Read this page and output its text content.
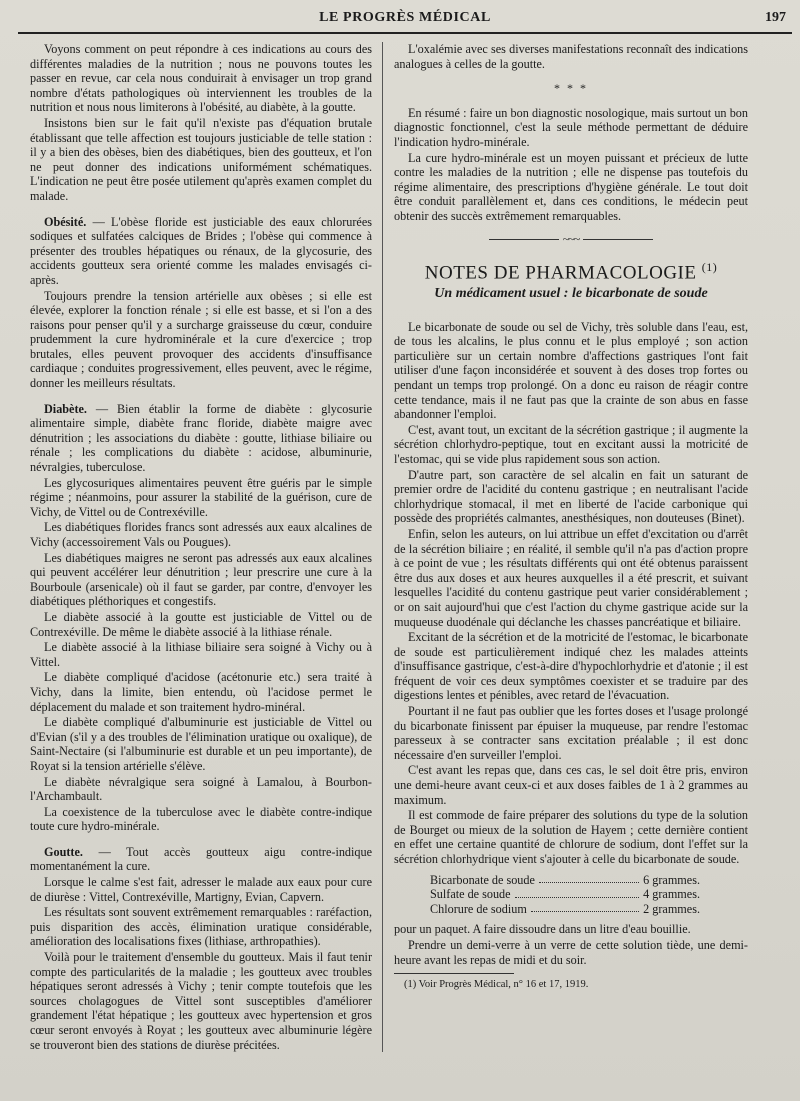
LE PROGRÈS MÉDICAL	197

Voyons comment on peut répondre à ces indications au cours des différentes maladies de la nutrition ; nous ne pouvons toutes les passer en revue, car cela nous conduirait à envisager un trop grand nombre d'états pathologiques où interviennent les troubles de la nutrition et nous nous limiterons à l'obésité, au diabète, à la goutte.

Insistons bien sur le fait qu'il n'existe pas d'équation brutale établissant que telle affection est toujours justiciable de telle station : il y a bien des obèses, bien des diabétiques, bien des goutteux, et l'on ne peut donner des indications uniformément schématiques. L'indication ne peut être posée utilement qu'après examen complet du malade.

Obésité. — L'obèse floride est justiciable des eaux chlorurées sodiques et sulfatées calciques de Brides ; l'obèse qui commence à présenter des troubles hépatiques ou rénaux, de la glycosurie, des accidents goutteux sera orienté comme les malades envisagés ci-après.

Toujours prendre la tension artérielle aux obèses ; si elle est élevée, explorer la fonction rénale ; si elle est basse, et si l'on a des raisons pour penser qu'il y a surcharge graisseuse du cœur, conduire prudemment la cure hydrominérale et la cure d'exercice ; trop brutales, elles peuvent provoquer des accidents d'insuffisance cardiaque ; conduites progressivement, elles peuvent, avec le régime, donner les meilleurs résultats.

Diabète. — Bien établir la forme de diabète : glycosurie alimentaire simple, diabète franc floride, diabète maigre avec dénutrition ; les associations du diabète : goutte, lithiase biliaire ou rénale ; les complications du diabète : acidose, albuminurie, névralgies, tuberculose.

Les glycosuriques alimentaires peuvent être guéris par le simple régime ; néanmoins, pour assurer la stabilité de la guérison, cure de Vichy, de Vittel ou de Contrexéville.

Les diabétiques florides francs sont adressés aux eaux alcalines de Vichy (accessoirement Vals ou Pougues).

Les diabétiques maigres ne seront pas adressés aux eaux alcalines qui peuvent accélérer leur dénutrition ; leur prescrire une cure à la Bourboule (arsenicale) où il faut se garder, par contre, d'envoyer les diabétiques pléthoriques et congestifs.

Le diabète associé à la goutte est justiciable de Vittel ou de Contrexéville. De même le diabète associé à la lithiase rénale.

Le diabète associé à la lithiase biliaire sera soigné à Vichy ou à Vittel.

Le diabète compliqué d'acidose (acétonurie etc.) sera traité à Vichy, dans la limite, bien entendu, où l'acidose permet le déplacement du malade et son traitement hydro-minéral.

Le diabète compliqué d'albuminurie est justiciable de Vittel ou d'Evian (s'il y a des troubles de l'élimination uratique ou oxalique), de Saint-Nectaire (si l'albuminurie est durable et un peu importante), de Royat si la tension artérielle s'élève.

Le diabète névralgique sera soigné à Lamalou, à Bourbon-l'Archambault.

La coexistence de la tuberculose avec le diabète contre-indique toute cure hydro-minérale.

Goutte. — Tout accès goutteux aigu contre-indique momentanément la cure.

Lorsque le calme s'est fait, adresser le malade aux eaux pour cure de diurèse : Vittel, Contrexéville, Martigny, Evian, Capvern.

Les résultats sont souvent extrêmement remarquables : raréfaction, puis disparition des accès, élimination uratique considérable, amélioration des localisations fixes (lithiase, arthropathies).

Voilà pour le traitement d'ensemble du goutteux. Mais il faut tenir compte des particularités de la maladie ; les goutteux avec troubles hépatiques seront adressés à Vichy ; tenir compte toutefois que les sources cholagogues de Vittel sont susceptibles d'améliorer grandement l'état hépatique ; les goutteux avec hypertension et gros cœur seront envoyés à Royat ; les goutteux avec albuminurie légère se trouveront bien des stations de diurèse précitées.

L'oxalémie avec ses diverses manifestations reconnaît des indications analogues à celles de la goutte.

* * *

En résumé : faire un bon diagnostic nosologique, mais surtout un bon diagnostic fonctionnel, c'est la seule méthode permettant de déduire l'indication hydro-minérale.

La cure hydro-minérale est un moyen puissant et précieux de lutte contre les maladies de la nutrition ; elle ne dispense pas toutefois du régime alimentaire, des prescriptions d'hygiène générale. Le tout doit être conduit parallèlement et, dans ces conditions, le médecin peut obtenir des succès extrêmement remarquables.

~~~
NOTES DE PHARMACOLOGIE $^{(1)}$
Un médicament usuel : le bicarbonate de soude

Le bicarbonate de soude ou sel de Vichy, très soluble dans l'eau, est, de tous les alcalins, le plus connu et le plus employé ; son action particulière sur un certain nombre d'affections gastriques l'ont fait utiliser d'une façon inconsidérée et souvent à des doses trop fortes ou pendant un temps trop prolongé. On a donc eu raison de réagir contre cette tendance, mais il ne faut pas que la crainte de son abus en fasse abandonner l'emploi.

C'est, avant tout, un excitant de la sécrétion gastrique ; il augmente la sécrétion chlorhydro-peptique, tout en excitant aussi la motricité de l'estomac, qui se vide plus rapidement sous son action.

D'autre part, son caractère de sel alcalin en fait un saturant de premier ordre de l'acidité du contenu gastrique ; en neutralisant l'acide chlorhydrique stomacal, il met en liberté de l'acide carbonique qui possède des propriétés calmantes, anesthésiques, non douteuses (Binet).

Enfin, selon les auteurs, on lui attribue un effet d'excitation ou d'arrêt de la sécrétion biliaire ; en réalité, il semble qu'il n'a pas d'action propre à ce point de vue ; les résultats différents qui ont été obtenus paraissent être dus aux doses et aux heures auxquelles il a été prescrit, et suivant lesquelles l'acidité du contenu gastrique peut varier considérablement ; or on sait aujourd'hui que c'est l'action du chyme gastrique acide sur la muqueuse duodénale qui déclanche les chasses pancréatique et biliaire.

Excitant de la sécrétion et de la motricité de l'estomac, le bicarbonate de soude est particulièrement indiqué chez les malades atteints d'insuffisance gastrique, c'est-à-dire d'hypochlorhydrie et d'atonie ; il est fréquent de voir ces deux symptômes coexister et se traduire par des digestions lentes et pénibles, avec retard de l'évacuation.

Pourtant il ne faut pas oublier que les fortes doses et l'usage prolongé du bicarbonate finissent par épuiser la muqueuse, par rendre l'estomac paresseux à se contracter sans excitation préalable ; il est donc nécessaire d'en surveiller l'emploi.

C'est avant les repas que, dans ces cas, le sel doit être pris, environ une demi-heure avant ceux-ci et aux doses faibles de 1 à 2 grammes au maximum.

Il est commode de faire préparer des solutions du type de la solution de Bourget ou mieux de la solution de Hayem ; cette dernière contient en effet une certaine quantité de chlorure de sodium, dont l'effet sur la sécrétion chlorhydrique vient s'ajouter à celle du bicarbonate de soude.

Bicarbonate de soude	6 grammes.
Sulfate de soude	4 grammes.
Chlorure de sodium	2 grammes.

pour un paquet. A faire dissoudre dans un litre d'eau bouillie.

Prendre un demi-verre à un verre de cette solution tiède, une demi-heure avant les repas de midi et du soir.

(1) Voir Progrès Médical, n° 16 et 17, 1919.
